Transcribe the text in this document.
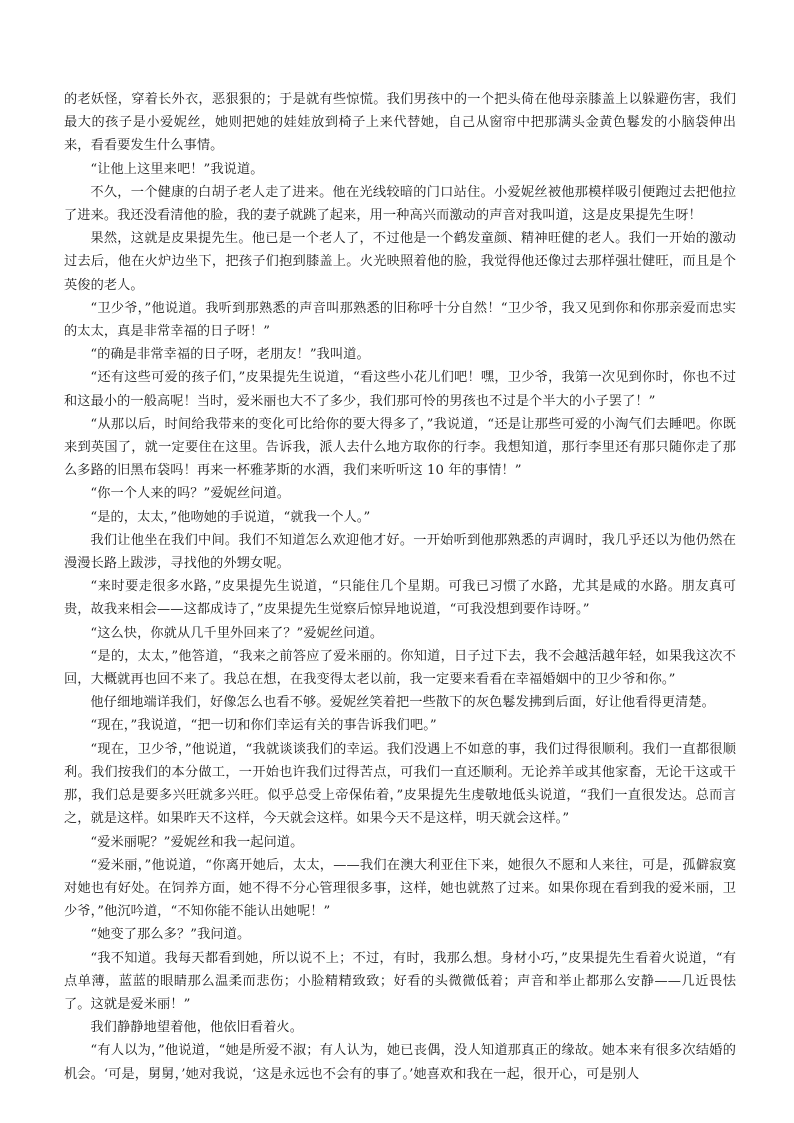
的老妖怪，穿着长外衣，恶狠狠的；于是就有些惊慌。我们男孩中的一个把头倚在他母亲膝盖上以躲避伤害，我们最大的孩子是小爱妮丝，她则把她的娃娃放到椅子上来代替她，自己从窗帘中把那满头金黄色鬈发的小脑袋伸出来，看看要发生什么事情。

“让他上这里来吧！”我说道。

不久，一个健康的白胡子老人走了进来。他在光线较暗的门口站住。小爱妮丝被他那模样吸引便跑过去把他拉了进来。我还没看清他的脸，我的妻子就跳了起来，用一种高兴而激动的声音对我叫道，这是皮果提先生呀！

果然，这就是皮果提先生。他已是一个老人了，不过他是一个鹤发童颜、精神旺健的老人。我们一开始的激动过去后，他在火炉边坐下，把孩子们抱到膝盖上。火光映照着他的脸，我觉得他还像过去那样强壮健旺，而且是个英俊的老人。

“卫少爷，”他说道。我听到那熟悉的声音叫那熟悉的旧称呼十分自然！“卫少爷，我又见到你和你那亲爱而忠实的太太，真是非常幸福的日子呀！”

“的确是非常幸福的日子呀，老朋友！”我叫道。

“还有这些可爱的孩子们，”皮果提先生说道，“看这些小花儿们吧！嘿，卫少爷，我第一次见到你时，你也不过和这最小的一般高呢！当时，爱米丽也大不了多少，我们那可怜的男孩也不过是个半大的小子罢了！”

“从那以后，时间给我带来的变化可比给你的要大得多了，”我说道，“还是让那些可爱的小淘气们去睡吧。你既来到英国了，就一定要住在这里。告诉我，派人去什么地方取你的行李。我想知道，那行李里还有那只随你走了那么多路的旧黑布袋吗！再来一杯雅茅斯的水酒，我们来听听这 10 年的事情！”

“你一个人来的吗？”爱妮丝问道。

“是的，太太，”他吻她的手说道，“就我一个人。”

我们让他坐在我们中间。我们不知道怎么欢迎他才好。一开始听到他那熟悉的声调时，我几乎还以为他仍然在漫漫长路上跋涉，寻找他的外甥女呢。

“来时要走很多水路，”皮果提先生说道，“只能住几个星期。可我已习惯了水路，尤其是咸的水路。朋友真可贵，故我来相会——这都成诗了，”皮果提先生觉察后惊异地说道，“可我没想到要作诗呀。”

“这么快，你就从几千里外回来了？”爱妮丝问道。

“是的，太太，”他答道，“我来之前答应了爱米丽的。你知道，日子过下去，我不会越活越年轻，如果我这次不回，大概就再也回不来了。我总在想，在我变得太老以前，我一定要来看看在幸福婚姻中的卫少爷和你。”

他仔细地端详我们，好像怎么也看不够。爱妮丝笑着把一些散下的灰色鬈发拂到后面，好让他看得更清楚。

“现在，”我说道，“把一切和你们幸运有关的事告诉我们吧。”

“现在，卫少爷，”他说道，“我就谈谈我们的幸运。我们没遇上不如意的事，我们过得很顺利。我们一直都很顺利。我们按我们的本分做工，一开始也许我们过得苦点，可我们一直还顺利。无论养羊或其他家畜，无论干这或干那，我们总是要多兴旺就多兴旺。似乎总受上帝保佑着，”皮果提先生虔敬地低头说道，“我们一直很发达。总而言之，就是这样。如果昨天不这样，今天就会这样。如果今天不是这样，明天就会这样。”

“爱米丽呢？”爱妮丝和我一起问道。

“爱米丽，”他说道，“你离开她后，太太，——我们在澳大利亚住下来，她很久不愿和人来往，可是，孤僻寂寞对她也有好处。在饲养方面，她不得不分心管理很多事，这样，她也就熬了过来。如果你现在看到我的爱米丽，卫少爷，”他沉吟道，“不知你能不能认出她呢！”

“她变了那么多？”我问道。

“我不知道。我每天都看到她，所以说不上；不过，有时，我那么想。身材小巧，”皮果提先生看着火说道，“有点单薄，蓝蓝的眼睛那么温柔而悲伤；小脸精精致致；好看的头微微低着；声音和举止都那么安静——几近畏怯了。这就是爱米丽！”

我们静静地望着他，他依旧看着火。

“有人以为，”他说道，“她是所爱不淑；有人认为，她已丧偶，没人知道那真正的缘故。她本来有很多次结婚的机会。‘可是，舅舅，’她对我说，‘这是永远也不会有的事了。’她喜欢和我在一起，很开心，可是别人
